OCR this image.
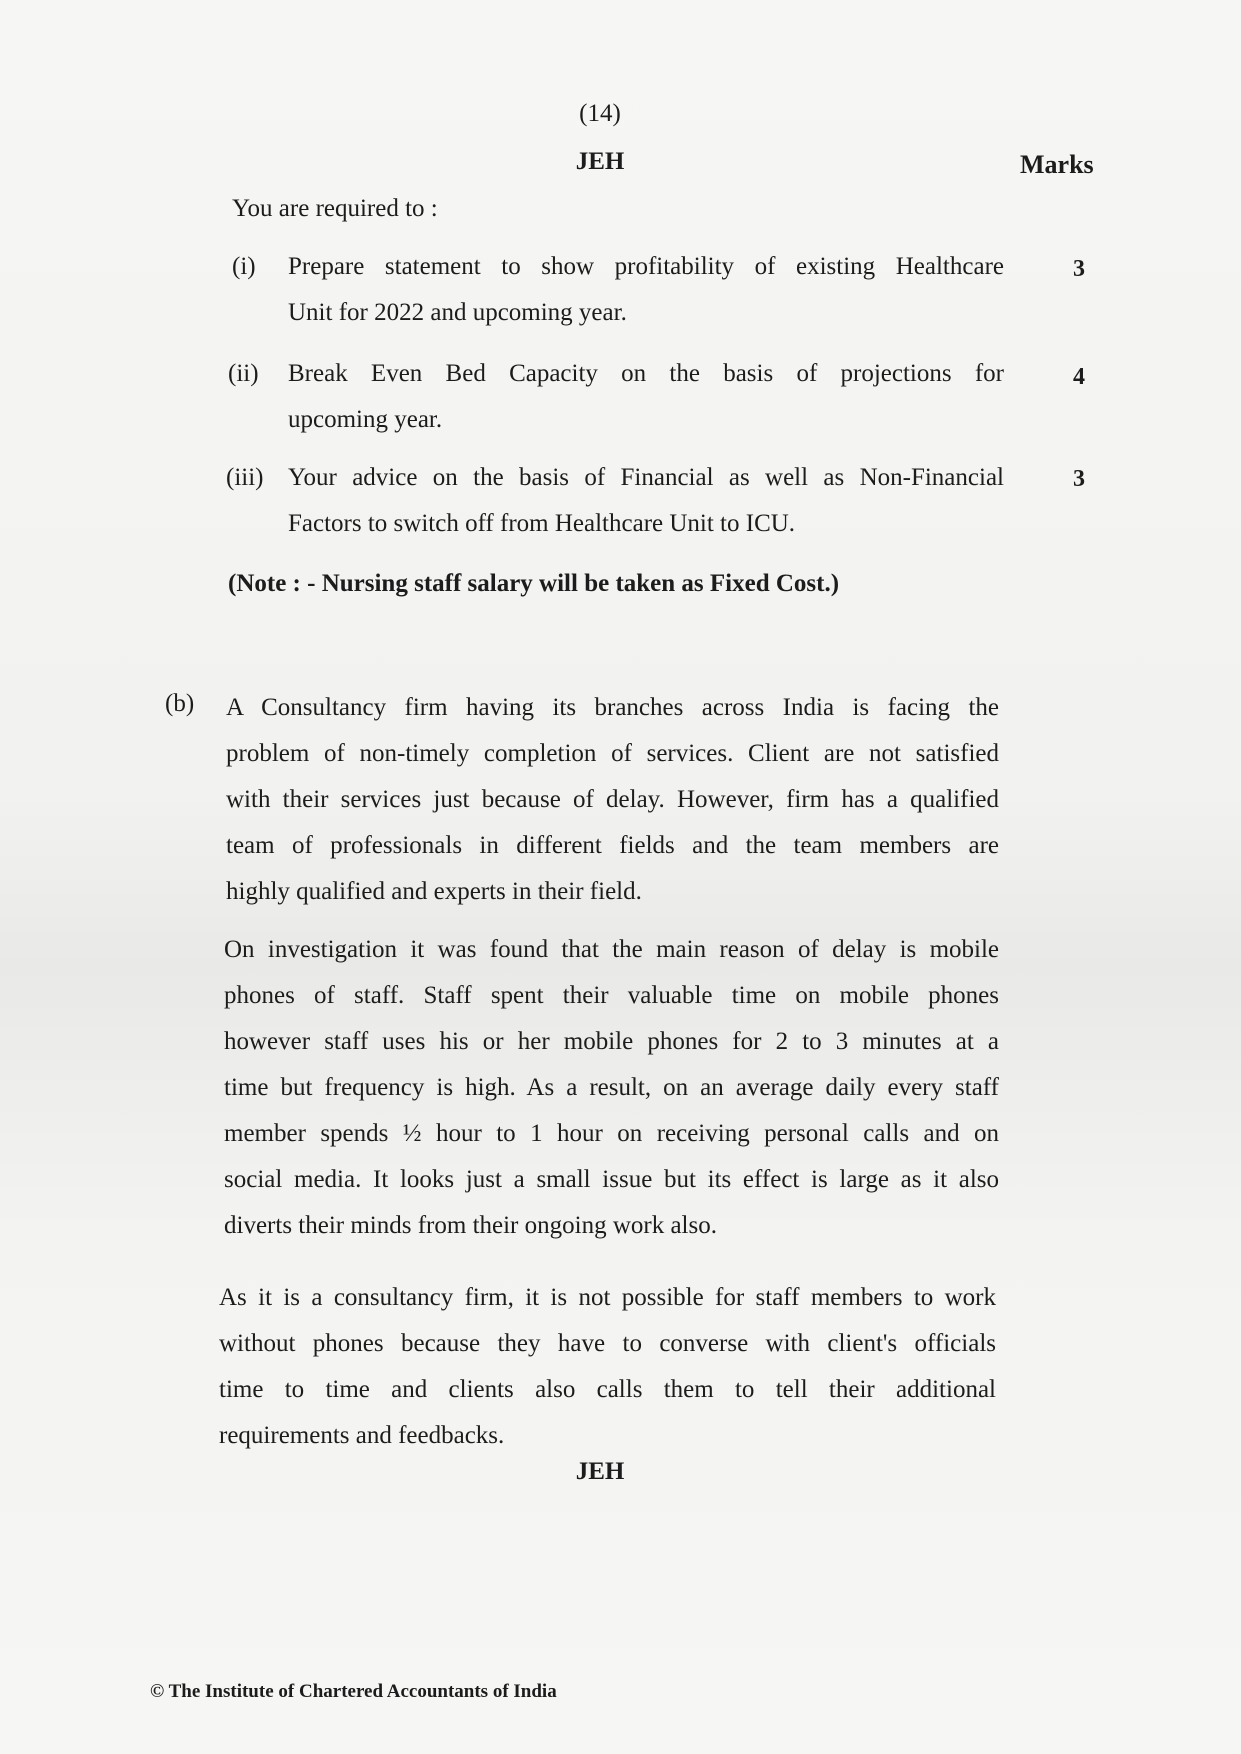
(14)
JEH	Marks
You are required to :
(i) Prepare statement to show profitability of existing Healthcare
Unit for 2022 and upcoming year.
3
(ii) Break Even Bed Capacity on the basis of projections for
upcoming year.
4
(iii) Your advice on the basis of Financial as well as Non-Financial
Factors to switch off from Healthcare Unit to ICU.
3
(Note : - Nursing staff salary will be taken as Fixed Cost.)
(b) A Consultancy firm having its branches across India is facing the
problem of non-timely completion of services. Client are not satisfied
with their services just because of delay. However, firm has a qualified
team of professionals in different fields and the team members are
highly qualified and experts in their field.
On investigation it was found that the main reason of delay is mobile
phones of staff. Staff spent their valuable time on mobile phones
however staff uses his or her mobile phones for 2 to 3 minutes at a
time but frequency is high. As a result, on an average daily every staff
member spends ½ hour to 1 hour on receiving personal calls and on
social media. It looks just a small issue but its effect is large as it also
diverts their minds from their ongoing work also.
As it is a consultancy firm, it is not possible for staff members to work
without phones because they have to converse with client's officials
time to time and clients also calls them to tell their additional
requirements and feedbacks.
JEH
© The Institute of Chartered Accountants of India
